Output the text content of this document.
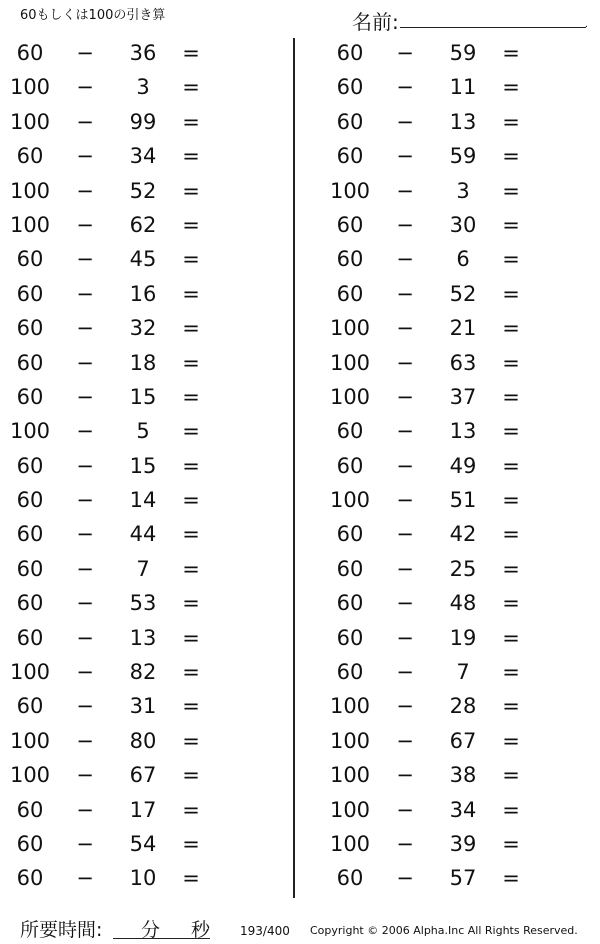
60もしくは100の引き算	名前:	.
60	−	36	=
100	−	3	=
100	−	99	=
60	−	34	=
100	−	52	=
100	−	62	=
60	−	45	=
60	−	16	=
60	−	32	=
60	−	18	=
60	−	15	=
100	−	5	=
60	−	15	=
60	−	14	=
60	−	44	=
60	−	7	=
60	−	53	=
60	−	13	=
100	−	82	=
60	−	31	=
100	−	80	=
100	−	67	=
60	−	17	=
60	−	54	=
60	−	10	=
60	−	59	=
60	−	11	=
60	−	13	=
60	−	59	=
100	−	3	=
60	−	30	=
60	−	6	=
60	−	52	=
100	−	21	=
100	−	63	=
100	−	37	=
60	−	13	=
60	−	49	=
100	−	51	=
60	−	42	=
60	−	25	=
60	−	48	=
60	−	19	=
60	−	7	=
100	−	28	=
100	−	67	=
100	−	38	=
100	−	34	=
100	−	39	=
60	−	57	=
所要時間: 分 秒 193/400 Copyright © 2006 Alpha.Inc All Rights Reserved.
